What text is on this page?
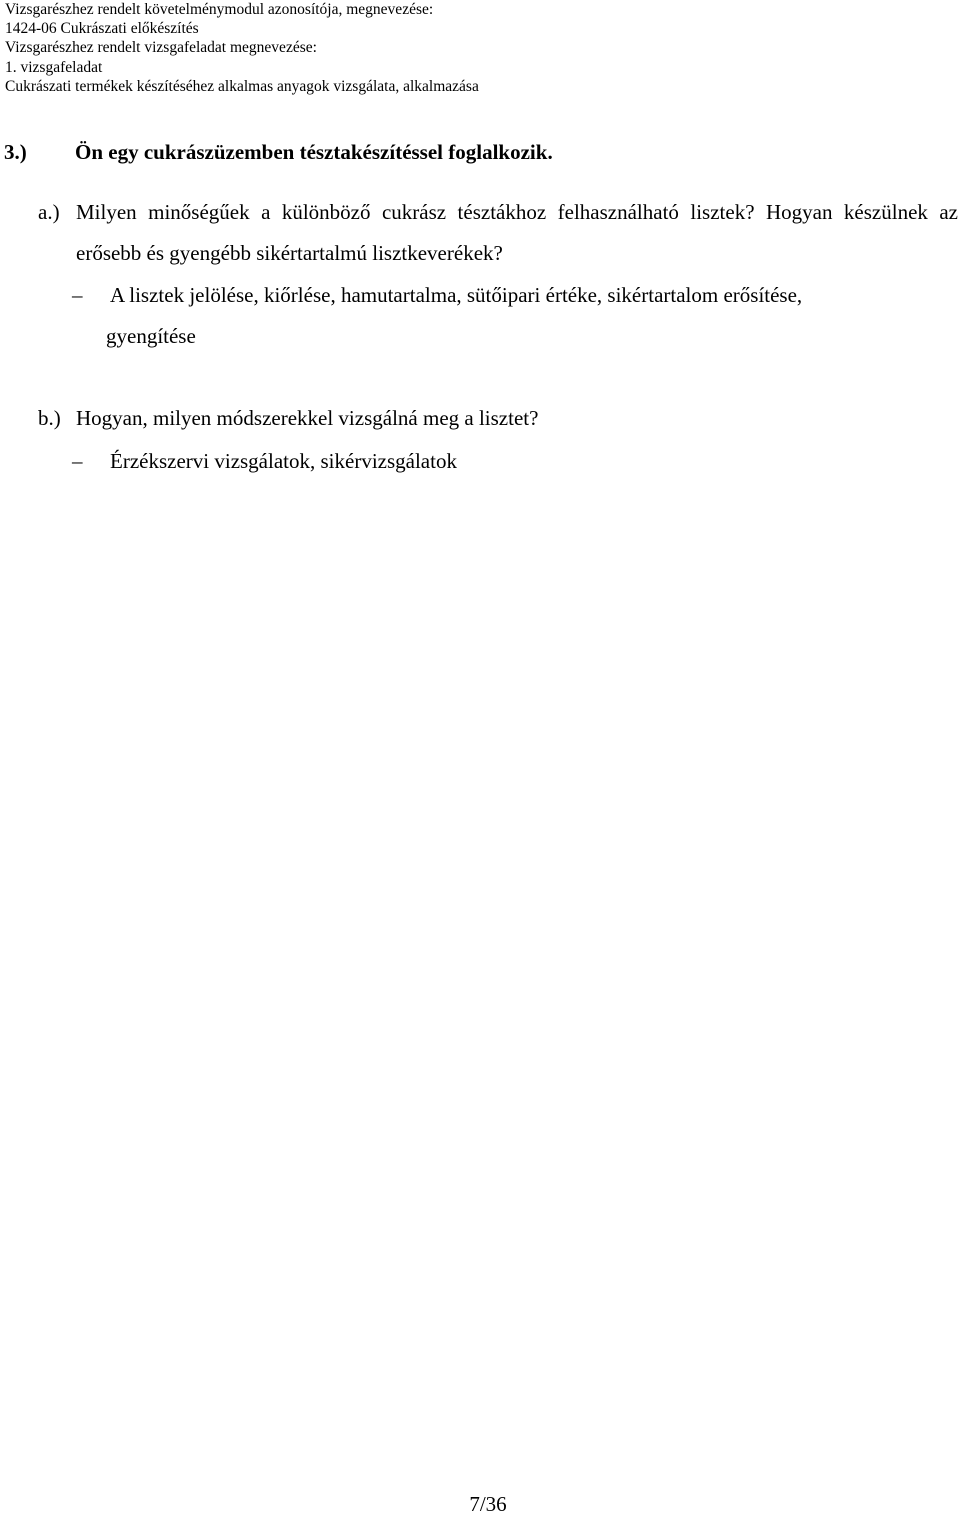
Vizsgarészhez rendelt követelménymodul azonosítója, megnevezése:
1424-06 Cukrászati előkészítés
Vizsgarészhez rendelt vizsgafeladat megnevezése:
1. vizsgafeladat
Cukrászati termékek készítéséhez alkalmas anyagok vizsgálata, alkalmazása
3.) Ön egy cukrászüzemben tésztakészítéssel foglalkozik.
a.) Milyen minőségűek a különböző cukrász tésztákhoz felhasználható lisztek? Hogyan készülnek az erősebb és gyengébb sikértartalmú lisztkeverékek?
– A lisztek jelölése, kiőrlése, hamutartalma, sütőipari értéke, sikértartalom erősítése,
gyengítése
b.) Hogyan, milyen módszerekkel vizsgálná meg a lisztet?
– Érzékszervi vizsgálatok, sikérvizsgálatok
7/36
